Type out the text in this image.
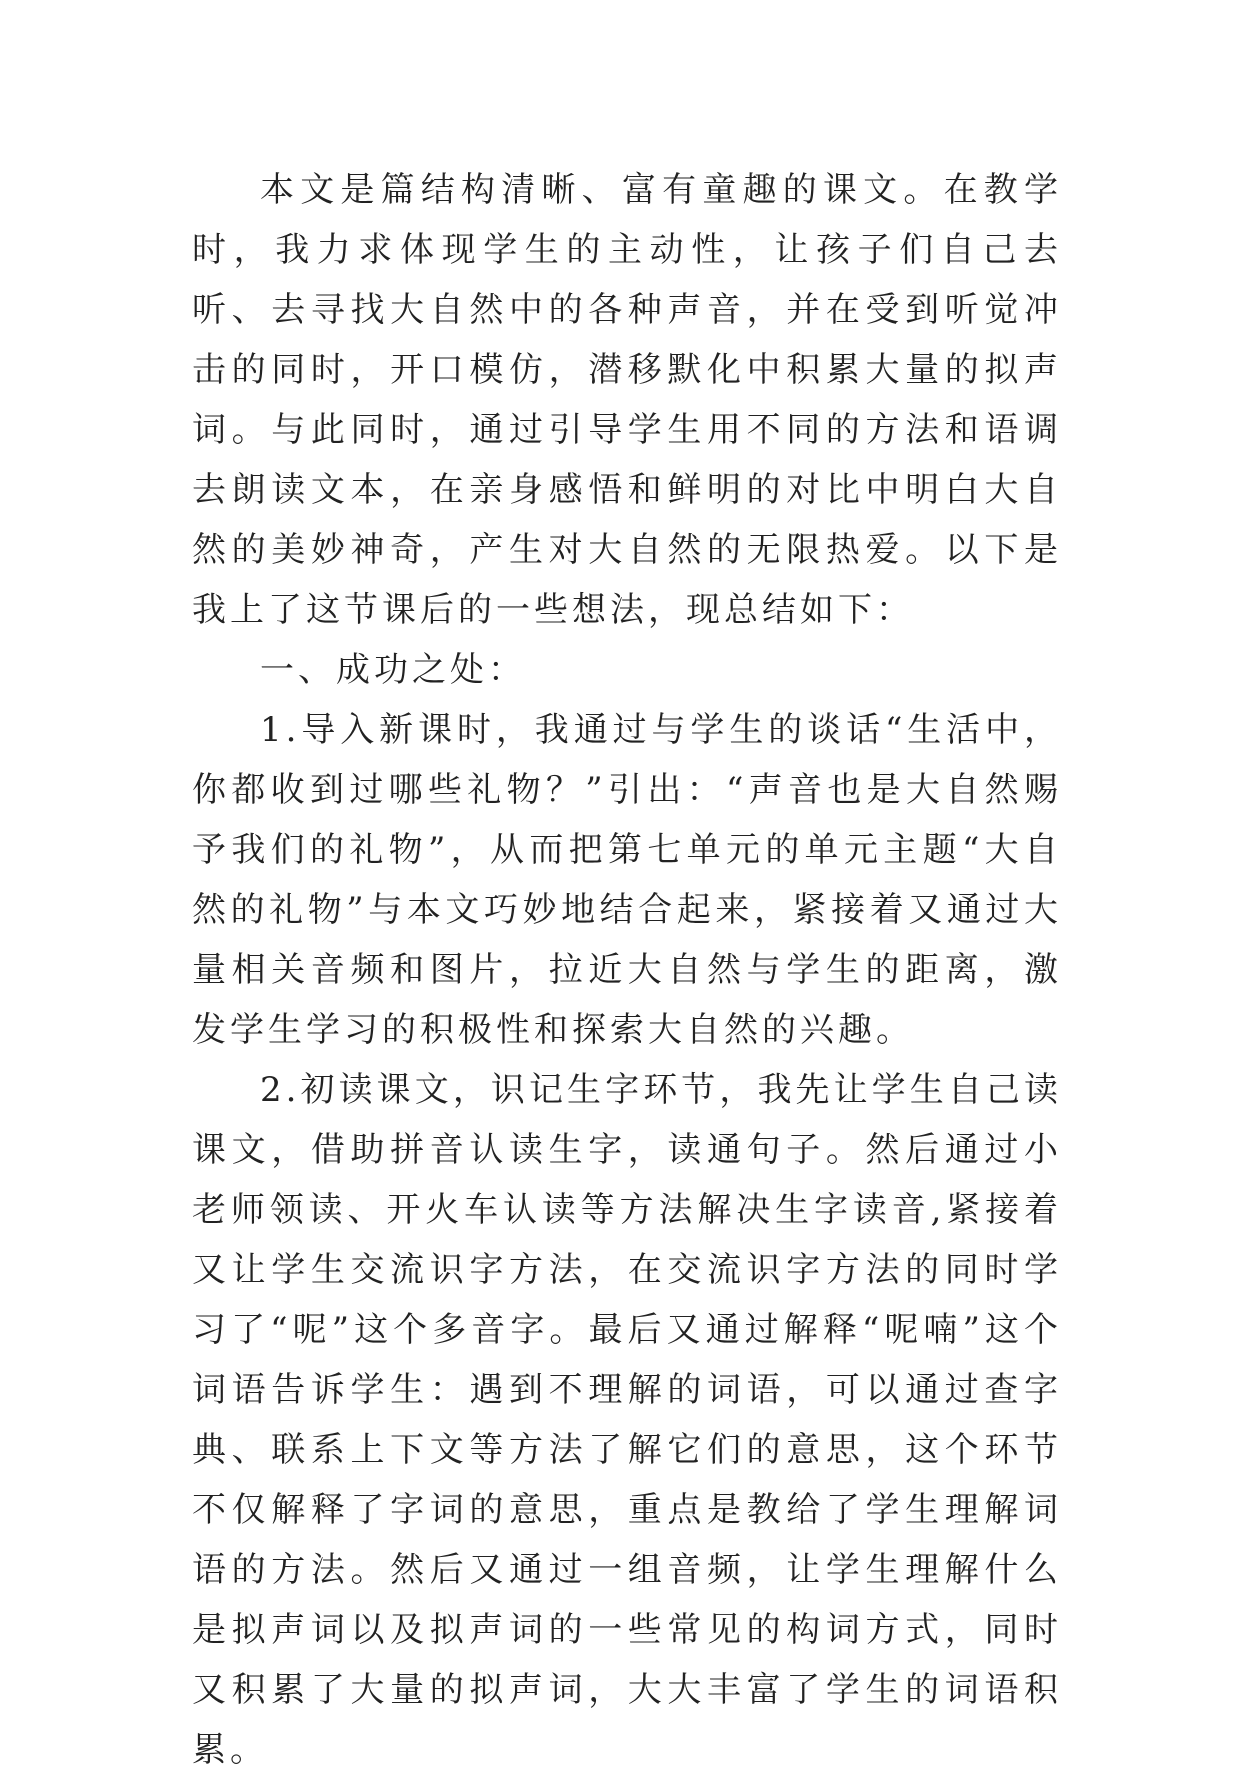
本文是篇结构清晰、富有童趣的课文。在教学时，我力求体现学生的主动性，让孩子们自己去听、去寻找大自然中的各种声音，并在受到听觉冲击的同时，开口模仿，潜移默化中积累大量的拟声词。与此同时，通过引导学生用不同的方法和语调去朗读文本，在亲身感悟和鲜明的对比中明白大自然的美妙神奇，产生对大自然的无限热爱。以下是我上了这节课后的一些想法，现总结如下：

一、成功之处：

1.导入新课时，我通过与学生的谈话“生活中，你都收到过哪些礼物？”引出：“声音也是大自然赐予我们的礼物”，从而把第七单元的单元主题“大自然的礼物”与本文巧妙地结合起来，紧接着又通过大量相关音频和图片，拉近大自然与学生的距离，激发学生学习的积极性和探索大自然的兴趣。

2.初读课文，识记生字环节，我先让学生自己读课文，借助拼音认读生字，读通句子。然后通过小老师领读、开火车认读等方法解决生字读音,紧接着又让学生交流识字方法，在交流识字方法的同时学习了“呢”这个多音字。最后又通过解释“呢喃”这个词语告诉学生：遇到不理解的词语，可以通过查字典、联系上下文等方法了解它们的意思，这个环节不仅解释了字词的意思，重点是教给了学生理解词语的方法。然后又通过一组音频，让学生理解什么是拟声词以及拟声词的一些常见的构词方式，同时又积累了大量的拟声词，大大丰富了学生的词语积累。
